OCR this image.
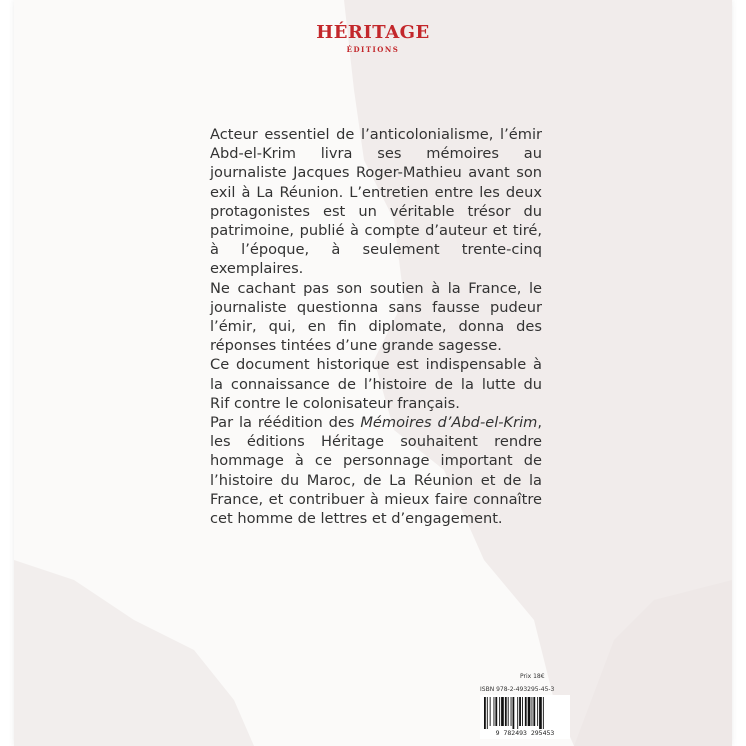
HÉRITAGE
ÉDITIONS

Acteur essentiel de l’anticolonialisme, l’émir Abd-el-Krim livra ses mémoires au journaliste Jacques Roger-Mathieu avant son exil à La Réunion. L’entretien entre les deux protagonistes est un véritable trésor du patrimoine, publié à compte d’auteur et tiré, à l’époque, à seulement trente-cinq exemplaires.

Ne cachant pas son soutien à la France, le journaliste questionna sans fausse pudeur l’émir, qui, en fin diplomate, donna des réponses tintées d’une grande sagesse.

Ce document historique est indispensable à la connaissance de l’histoire de la lutte du Rif contre le colonisateur français.

Par la réédition des Mémoires d’Abd-el-Krim, les éditions Héritage souhaitent rendre hommage à ce personnage important de l’histoire du Maroc, de La Réunion et de la France, et contribuer à mieux faire connaître cet homme de lettres et d’engagement.

Prix 18€
ISBN 978-2-493295-45-3
9 782493 295453
